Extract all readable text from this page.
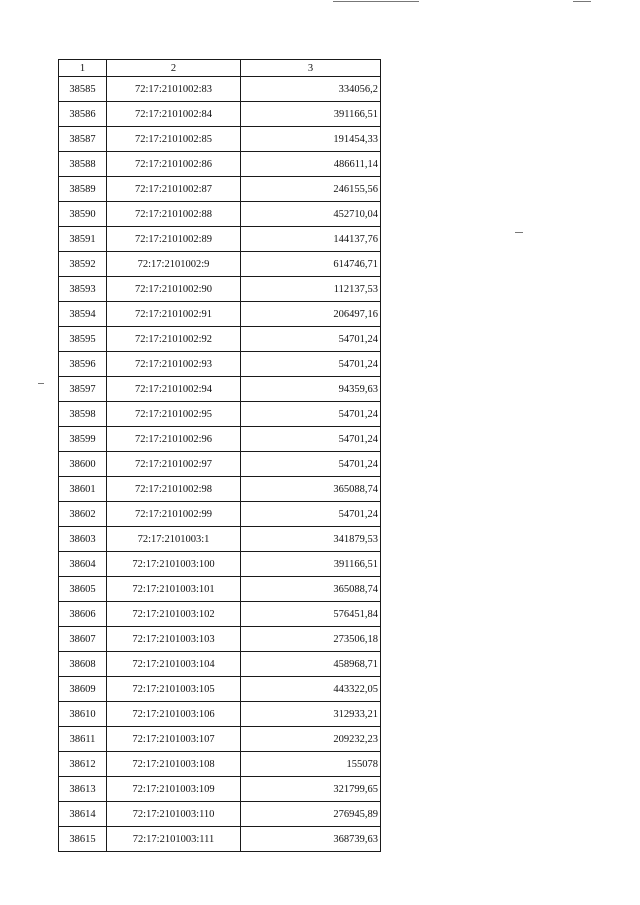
1	2	3
38585	72:17:2101002:83	334056,2
38586	72:17:2101002:84	391166,51
38587	72:17:2101002:85	191454,33
38588	72:17:2101002:86	486611,14
38589	72:17:2101002:87	246155,56
38590	72:17:2101002:88	452710,04
38591	72:17:2101002:89	144137,76
38592	72:17:2101002:9	614746,71
38593	72:17:2101002:90	112137,53
38594	72:17:2101002:91	206497,16
38595	72:17:2101002:92	54701,24
38596	72:17:2101002:93	54701,24
38597	72:17:2101002:94	94359,63
38598	72:17:2101002:95	54701,24
38599	72:17:2101002:96	54701,24
38600	72:17:2101002:97	54701,24
38601	72:17:2101002:98	365088,74
38602	72:17:2101002:99	54701,24
38603	72:17:2101003:1	341879,53
38604	72:17:2101003:100	391166,51
38605	72:17:2101003:101	365088,74
38606	72:17:2101003:102	576451,84
38607	72:17:2101003:103	273506,18
38608	72:17:2101003:104	458968,71
38609	72:17:2101003:105	443322,05
38610	72:17:2101003:106	312933,21
38611	72:17:2101003:107	209232,23
38612	72:17:2101003:108	155078
38613	72:17:2101003:109	321799,65
38614	72:17:2101003:110	276945,89
38615	72:17:2101003:111	368739,63
